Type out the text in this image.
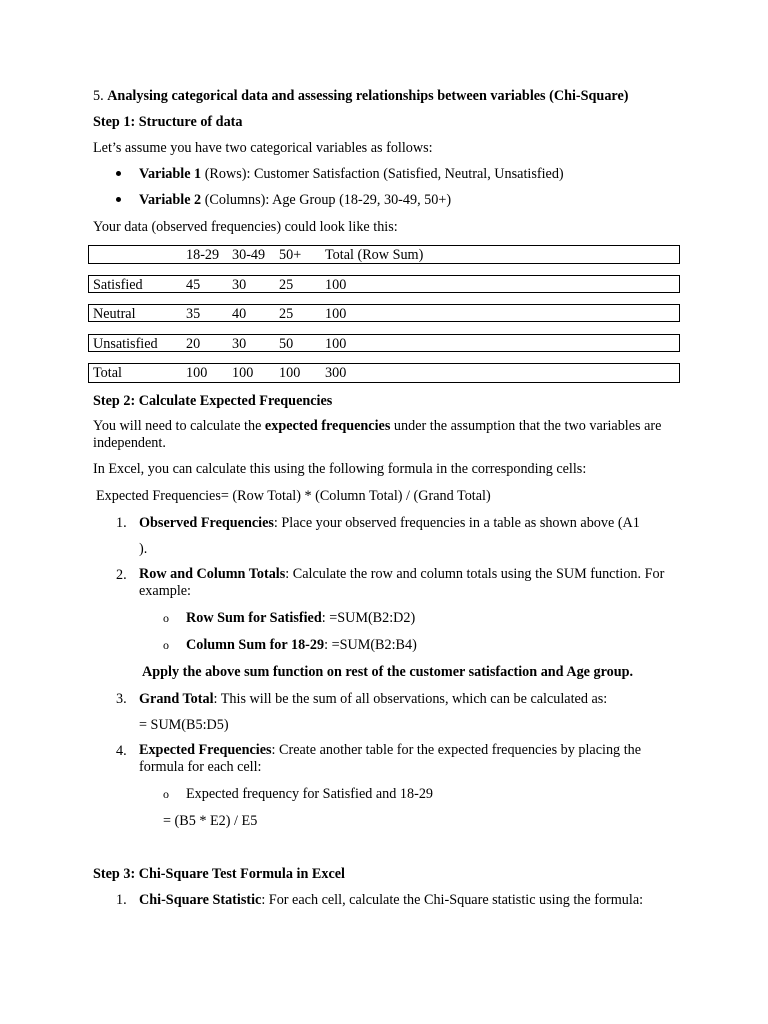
5. Analysing categorical data and assessing relationships between variables (Chi-Square)
Step 1: Structure of data
Let’s assume you have two categorical variables as follows:
Variable 1 (Rows): Customer Satisfaction (Satisfied, Neutral, Unsatisfied)
Variable 2 (Columns): Age Group (18-29, 30-49, 50+)
Your data (observed frequencies) could look like this:
18-29 30-49 50+ Total (Row Sum)
Satisfied	45 30 25 100
Neutral	35 40 25 100
Unsatisfied 20 30 50 100
Total	100 100 100 300
Step 2: Calculate Expected Frequencies
You will need to calculate the expected frequencies under the assumption that the two variables are independent.
In Excel, you can calculate this using the following formula in the corresponding cells:
Expected Frequencies= (Row Total) * (Column Total) / (Grand Total)
1. Observed Frequencies: Place your observed frequencies in a table as shown above (A1
).
2. Row and Column Totals: Calculate the row and column totals using the SUM function. For example:
o Row Sum for Satisfied: =SUM(B2:D2)
o Column Sum for 18-29: =SUM(B2:B4)
Apply the above sum function on rest of the customer satisfaction and Age group.
3. Grand Total: This will be the sum of all observations, which can be calculated as:
= SUM(B5:D5)
4. Expected Frequencies: Create another table for the expected frequencies by placing the formula for each cell:
o Expected frequency for Satisfied and 18-29
= (B5 * E2) / E5
Step 3: Chi-Square Test Formula in Excel
1. Chi-Square Statistic: For each cell, calculate the Chi-Square statistic using the formula:
